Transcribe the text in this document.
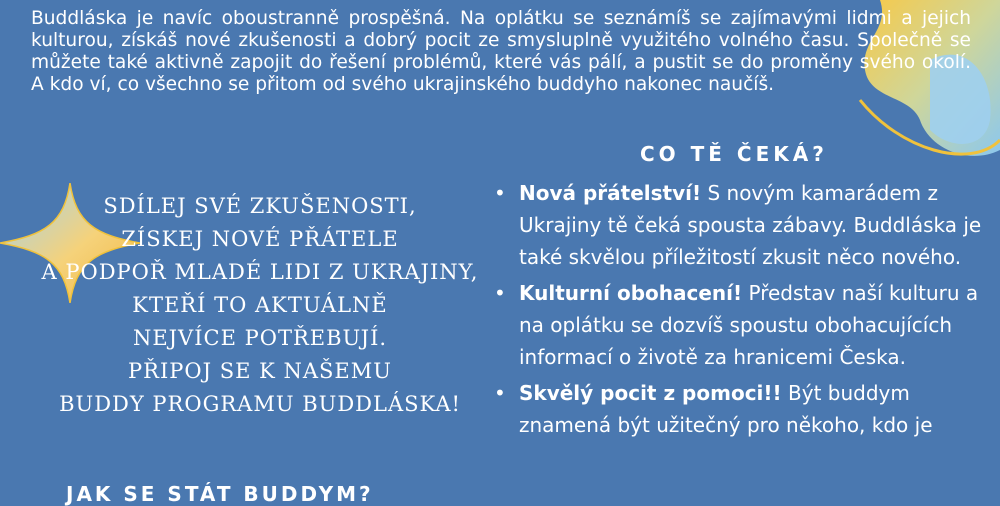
Buddláska je navíc oboustranně prospěšná. Na oplátku se seznámíš se zajímavými lidmi a jejich kulturou, získáš nové zkušenosti a dobrý pocit ze smysluplně využitého volného času. Společně se můžete také aktivně zapojit do řešení problémů, které vás pálí, a pustit se do proměny svého okolí. A kdo ví, co všechno se přitom od svého ukrajinského buddyho nakonec naučíš.

SDÍLEJ SVÉ ZKUŠENOSTI,
ZÍSKEJ NOVÉ PŘÁTELE
A PODPOŘ MLADÉ LIDI Z UKRAJINY,
KTEŘÍ TO AKTUÁLNĚ
NEJVÍCE POTŘEBUJÍ.
PŘIPOJ SE K NAŠEMU
BUDDY PROGRAMU BUDDLÁSKA!
CO TĚ ČEKÁ?
• Nová přátelství! S novým kamarádem z Ukrajiny tě čeká spousta zábavy. Buddláska je také skvělou příležitostí zkusit něco nového.
• Kulturní obohacení! Představ naší kulturu a na oplátku se dozvíš spoustu obohacujících informací o životě za hranicemi Česka.
• Skvělý pocit z pomoci!! Být buddym znamená být užitečný pro někoho, kdo je
JAK SE STÁT BUDDYM?
